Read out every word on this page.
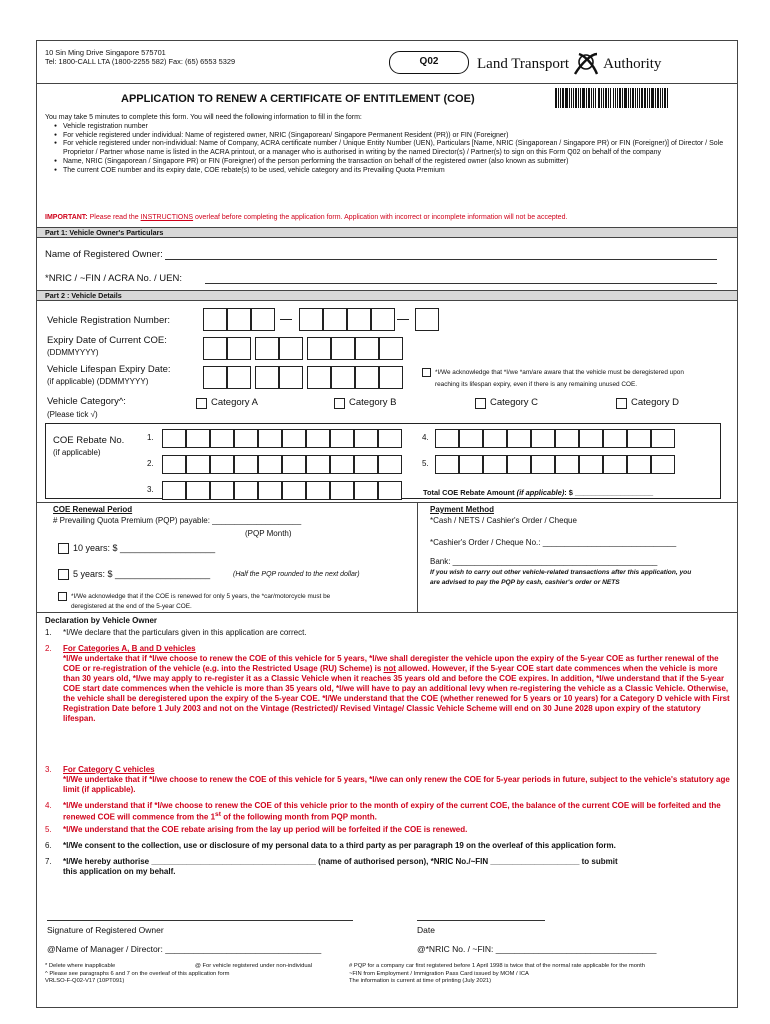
10 Sin Ming Drive Singapore 575701
Tel: 1800-CALL LTA (1800-2255 582) Fax: (65) 6553 5329	Q02	Land Transport Authority
APPLICATION TO RENEW A CERTIFICATE OF ENTITLEMENT (COE)
You may take 5 minutes to complete this form. You will need the following information to fill in the form:
● Vehicle registration number
● For vehicle registered under individual: Name of registered owner, NRIC (Singaporean/ Singapore Permanent Resident (PR)) or FIN (Foreigner)
● For vehicle registered under non-individual: Name of Company, ACRA certificate number / Unique Entity Number (UEN), Particulars [Name, NRIC (Singaporean / Singapore PR) or FIN (Foreigner)] of Director / Sole Proprietor / Partner whose name is listed in the ACRA printout, or a manager who is authorised in writing by the named Director(s) / Partner(s) to sign on this Form Q02 on behalf of the company
● Name, NRIC (Singaporean / Singapore PR) or FIN (Foreigner) of the person performing the transaction on behalf of the registered owner (also known as submitter)
● The current COE number and its expiry date, COE rebate(s) to be used, vehicle category and its Prevailing Quota Premium
IMPORTANT: Please read the INSTRUCTIONS overleaf before completing the application form. Application with incorrect or incomplete information will not be accepted.
Part 1: Vehicle Owner's Particulars
Name of Registered Owner:
*NRIC / ~FIN / ACRA No. / UEN:
Part 2 : Vehicle Details
Vehicle Registration Number:
Expiry Date of Current COE:
(DDMMYYYY)
Vehicle Lifespan Expiry Date:
(if applicable) (DDMMYYYY)
*I/We acknowledge that *I/we *am/are aware that the vehicle must be deregistered upon
reaching its lifespan expiry, even if there is any remaining unused COE.
Vehicle Category^:
(Please tick √)
Category A	Category B	Category C	Category D
COE Rebate No.
(if applicable)
1.
2.
3.
4.
5.
Total COE Rebate Amount (if applicable): $ ___________________
COE Renewal Period
# Prevailing Quota Premium (PQP) payable: ____________________
(PQP Month)
10 years: $ ___________________
5 years: $ ___________________	(Half the PQP rounded to the next dollar)
*I/We acknowledge that if the COE is renewed for only 5 years, the *car/motorcycle must be
deregistered at the end of the 5-year COE.
Payment Method
*Cash / NETS / Cashier's Order / Cheque
*Cashier's Order / Cheque No.: ______________________________
Bank: ______________________________________________
If you wish to carry out other vehicle-related transactions after this application, you
are advised to pay the PQP by cash, cashier's order or NETS
Declaration by Vehicle Owner
1.	*I/We declare that the particulars given in this application are correct.
2.	For Categories A, B and D vehicles
*I/We undertake that if *I/we choose to renew the COE of this vehicle for 5 years, *I/we shall deregister the vehicle upon the expiry of the 5-year COE as further renewal of the COE or re-registration of the vehicle (e.g. into the Restricted Usage (RU) Scheme) is not allowed. However, if the 5-year COE start date commences when the vehicle is more than 30 years old, *I/we may apply to re-register it as a Classic Vehicle when it reaches 35 years old and before the COE expires. In addition, *I/we understand that if the 5-year COE start date commences when the vehicle is more than 35 years old, *I/we will have to pay an additional levy when re-registering the vehicle as a Classic Vehicle. Otherwise, the vehicle shall be deregistered upon the expiry of the 5-year COE. *I/We understand that the COE (whether renewed for 5 years or 10 years) for a Category D vehicle with First Registration Date before 1 July 2003 and not on the Vintage (Restricted)/ Revised Vintage/ Classic Vehicle Scheme will end on 30 June 2028 upon expiry of the statutory lifespan.
3.	For Category C vehicles
*I/We undertake that if *I/we choose to renew the COE of this vehicle for 5 years, *I/we can only renew the COE for 5-year periods in future, subject to the vehicle's statutory age limit (if applicable).
4.	*I/We understand that if *I/we choose to renew the COE of this vehicle prior to the month of expiry of the current COE, the balance of the current COE will be forfeited and the renewed COE will commence from the 1st of the following month from PQP month.
5.	*I/We understand that the COE rebate arising from the lay up period will be forfeited if the COE is renewed.
6.	*I/We consent to the collection, use or disclosure of my personal data to a third party as per paragraph 19 on the overleaf of this application form.
7.	*I/We hereby authorise _____________________________________ (name of authorised person), *NRIC No./~FIN ____________________ to submit
this application on my behalf.
Signature of Registered Owner	Date
@Name of Manager / Director: _________________________________	@*NRIC No. / ~FIN: __________________________________
* Delete where inapplicable
^ Please see paragraphs 6 and 7 on the overleaf of this application form
VRLSO-F-Q02-V17 (10PT091)
@ For vehicle registered under non-individual	# PQP for a company car first registered before 1 April 1998 is twice that of the normal rate applicable for the month
~FIN from Employment / Immigration Pass Card issued by MOM / ICA
The information is current at time of printing (July 2021)
